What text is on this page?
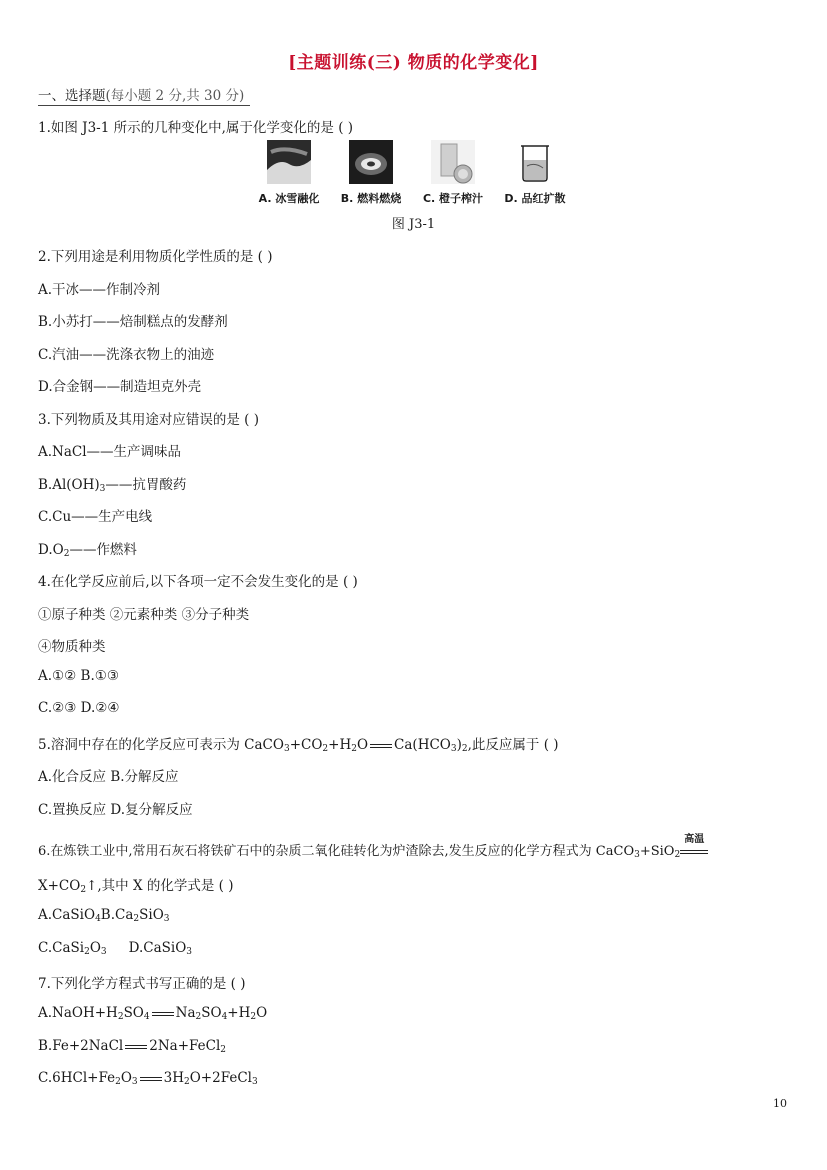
[主题训练(三) 物质的化学变化]
一、选择题(每小题 2 分,共 30 分)
1.如图 J3-1 所示的几种变化中,属于化学变化的是 ( )
A. 冰雪融化	B. 燃料燃烧	C. 橙子榨汁	D. 品红扩散
图 J3-1
2.下列用途是利用物质化学性质的是 ( )
A.干冰——作制冷剂
B.小苏打——焙制糕点的发酵剂
C.汽油——洗涤衣物上的油迹
D.合金钢——制造坦克外壳
3.下列物质及其用途对应错误的是 ( )
A.NaCl——生产调味品
$B.Al(OH)_3——$抗胃酸药
C.Cu——生产电线
$D.O_2——$作燃料
4.在化学反应前后,以下各项一定不会发生变化的是 ( )
①原子种类 ②元素种类 ③分子种类
④物质种类
A.①② B.①③
C.②③ D.②④
5.溶洞中存在的化学反应可表示为 $CaCO_3+CO_2+H_2O$ $Ca(HCO_3)_2$,此反应属于 ( )
A.化合反应 B.分解反应
C.置换反应 D.复分解反应
6.在炼铁工业中,常用石灰石将铁矿石中的杂质二氧化硅转化为炉渣除去,发生反应的化学方程式为 CaCO$_3$+SiO$_2$
高温
$X+CO_2↑$,其中 X 的化学式是 ( )
$A.CaSiO_4B.Ca_2SiO_3$
$C.CaSi_2O_3$ D.CaSiO$_3$
7.下列化学方程式书写正确的是 ( )
$A.NaOH+H_2SO_4$ $Na_2SO_4+H_2O$
B.Fe+2NaCl 2Na+FeCl$_2$
$C.6HCl+Fe_2O_3$ $3H_2O+2FeCl_3$
10
